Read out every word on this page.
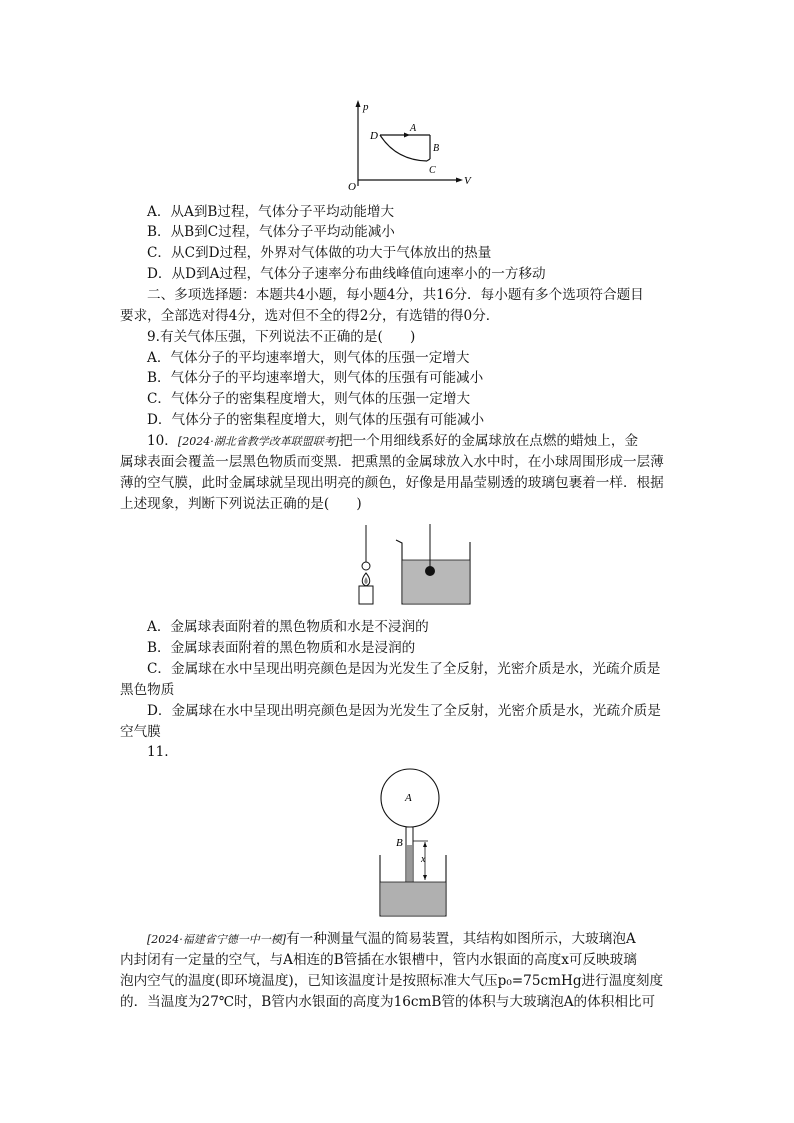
p
V
O
D
A
B
C
A．从A到B过程，气体分子平均动能增大
B．从B到C过程，气体分子平均动能减小
C．从C到D过程，外界对气体做的功大于气体放出的热量
D．从D到A过程，气体分子速率分布曲线峰值向速率小的一方移动
二、多项选择题：本题共4小题，每小题4分，共16分．每小题有多个选项符合题目
要求，全部选对得4分，选对但不全的得2分，有选错的得0分．
9.有关气体压强，下列说法不正确的是(　　)
A．气体分子的平均速率增大，则气体的压强一定增大
B．气体分子的平均速率增大，则气体的压强有可能减小
C．气体分子的密集程度增大，则气体的压强一定增大
D．气体分子的密集程度增大，则气体的压强有可能减小
10．[2024·湖北省教学改革联盟联考]把一个用细线系好的金属球放在点燃的蜡烛上，金
属球表面会覆盖一层黑色物质而变黑．把熏黑的金属球放入水中时，在小球周围形成一层薄
薄的空气膜，此时金属球就呈现出明亮的颜色，好像是用晶莹剔透的玻璃包裹着一样．根据
上述现象，判断下列说法正确的是(　　)
A．金属球表面附着的黑色物质和水是不浸润的
B．金属球表面附着的黑色物质和水是浸润的
C．金属球在水中呈现出明亮颜色是因为光发生了全反射，光密介质是水，光疏介质是
黑色物质
D．金属球在水中呈现出明亮颜色是因为光发生了全反射，光密介质是水，光疏介质是
空气膜
11.
A
B
x
[2024·福建省宁德一中一模]有一种测量气温的简易装置，其结构如图所示，大玻璃泡A
内封闭有一定量的空气，与A相连的B管插在水银槽中，管内水银面的高度x可反映玻璃
泡内空气的温度(即环境温度)，已知该温度计是按照标准大气压p₀=75cmHg进行温度刻度
的．当温度为27℃时，B管内水银面的高度为16cmB管的体积与大玻璃泡A的体积相比可
